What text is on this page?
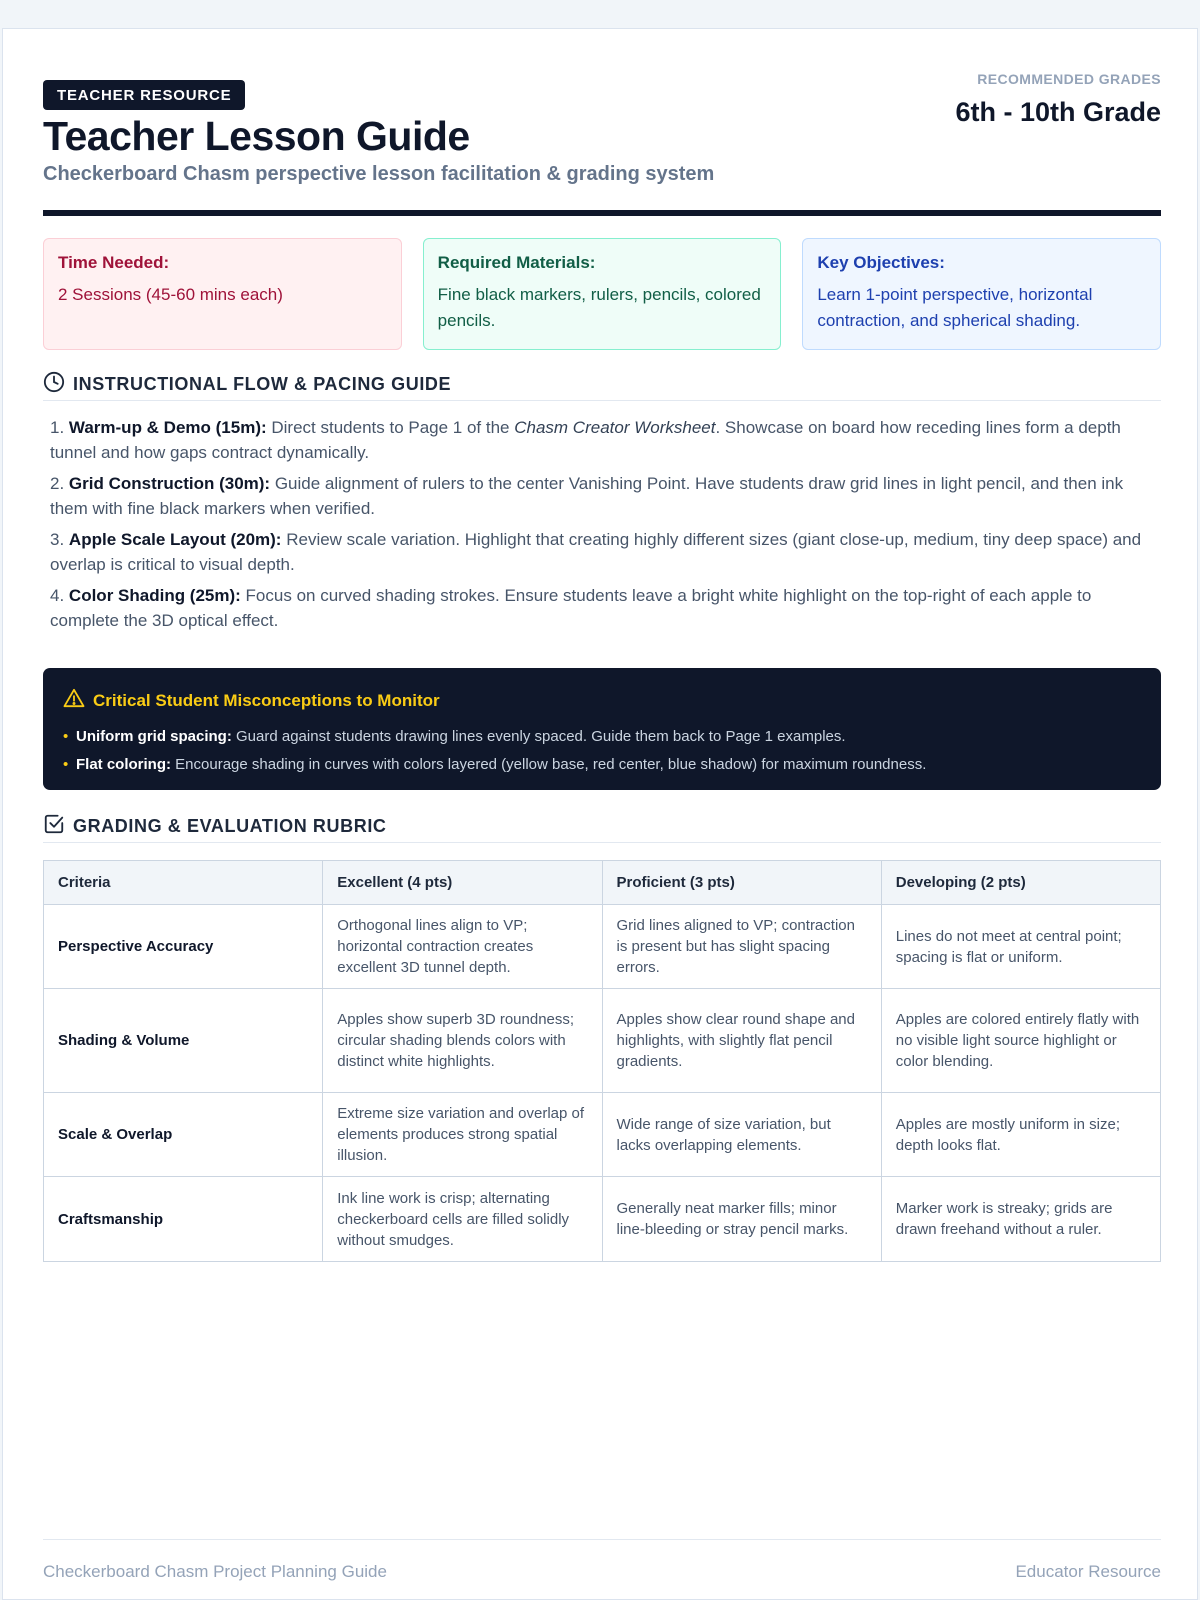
TEACHER RESOURCE
Teacher Lesson Guide
Checkerboard Chasm perspective lesson facilitation & grading system
RECOMMENDED GRADES
6th - 10th Grade
Time Needed:
2 Sessions (45-60 mins each)
Required Materials:
Fine black markers, rulers, pencils, colored pencils.
Key Objectives:
Learn 1-point perspective, horizontal contraction, and spherical shading.
INSTRUCTIONAL FLOW & PACING GUIDE
1. Warm-up & Demo (15m): Direct students to Page 1 of the Chasm Creator Worksheet. Showcase on board how receding lines form a depth tunnel and how gaps contract dynamically.
2. Grid Construction (30m): Guide alignment of rulers to the center Vanishing Point. Have students draw grid lines in light pencil, and then ink them with fine black markers when verified.
3. Apple Scale Layout (20m): Review scale variation. Highlight that creating highly different sizes (giant close-up, medium, tiny deep space) and overlap is critical to visual depth.
4. Color Shading (25m): Focus on curved shading strokes. Ensure students leave a bright white highlight on the top-right of each apple to complete the 3D optical effect.
Critical Student Misconceptions to Monitor
• Uniform grid spacing: Guard against students drawing lines evenly spaced. Guide them back to Page 1 examples.
• Flat coloring: Encourage shading in curves with colors layered (yellow base, red center, blue shadow) for maximum roundness.
GRADING & EVALUATION RUBRIC
Criteria	Excellent (4 pts)	Proficient (3 pts)	Developing (2 pts)
Perspective Accuracy	Orthogonal lines align to VP; horizontal contraction creates excellent 3D tunnel depth.	Grid lines aligned to VP; contraction is present but has slight spacing errors.	Lines do not meet at central point; spacing is flat or uniform.
Shading & Volume	Apples show superb 3D roundness; circular shading blends colors with distinct white highlights.	Apples show clear round shape and highlights, with slightly flat pencil gradients.	Apples are colored entirely flatly with no visible light source highlight or color blending.
Scale & Overlap	Extreme size variation and overlap of elements produces strong spatial illusion.	Wide range of size variation, but lacks overlapping elements.	Apples are mostly uniform in size; depth looks flat.
Craftsmanship	Ink line work is crisp; alternating checkerboard cells are filled solidly without smudges.	Generally neat marker fills; minor line-bleeding or stray pencil marks.	Marker work is streaky; grids are drawn freehand without a ruler.
Checkerboard Chasm Project Planning Guide	Educator Resource
